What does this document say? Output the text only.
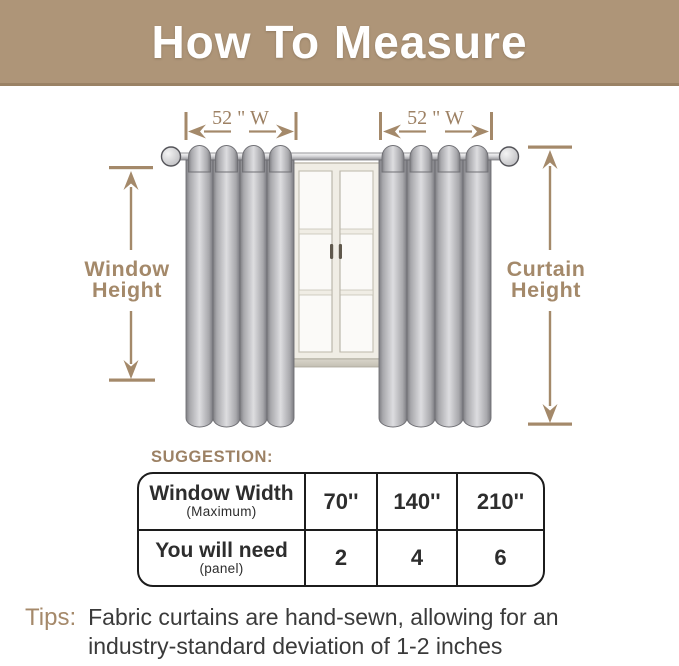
How To Measure
52 " W	52 " W
Window
Height
Curtain
Height
SUGGESTION:
Window Width
(Maximum)	70'' 140'' 210''
You will need
(panel)	2	4	6
Tips: Fabric curtains are hand-sewn, allowing for an
industry-standard deviation of 1-2 inches
